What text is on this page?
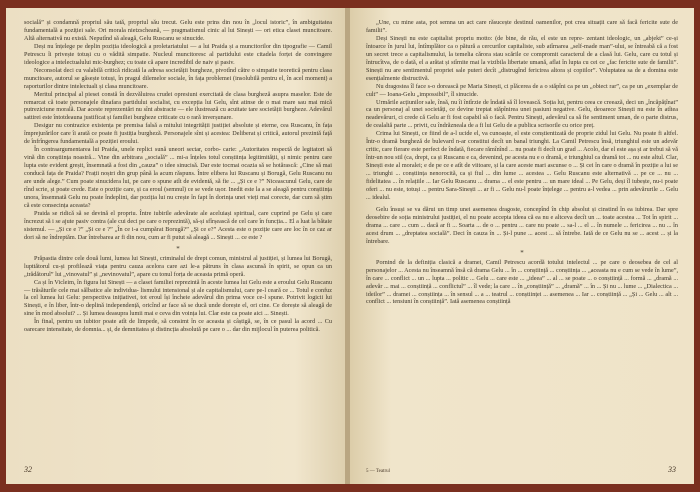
socială” și condamnă propriul său tată, propriul său trecut. Gelu este prins din nou în „locul istoric”, în ambiguitatea fundamentală a poziției sale. Ori morala nietzscheană, — pragmatismul cinic al lui Sinești — ori etica clasei muncitoare. Altă alternativă nu există. Neputînd să aleagă, Gelu Ruscanu se sinucide.

Deși nu înțelege pe deplin poziția ideologică a proletariatului — a lui Praida și a muncitorilor din tipografie — Camil Petrescu îi privește totuși cu o vădită simpatie. Nucleul muncitoresc al partidului este citadela forței de convingere ideologice a intelectualului mic-burghez; cu toate că apare incredibil de naiv și pasiv.

Neconsolat deci cu valabilă critică ridicată la adresa societății burgheze, pivotînd către o simpatie teoretică pentru clasa muncitoare, autorul se găsește totuși, în pragul dilemelor sociale, în fața problemei (insolubilă pentru el, în acel moment) a raporturilor dintre intelectuali și clasa muncitoare.

Meritul principal al piesei constă în dezvăluirea crudei opresiuni exercitată de clasa burgheză asupra maselor. Este de remarcat că toate personajele dinafara partidului socialist, cu excepția lui Gelu, sînt atinse de o mai mare sau mai mică putreziciune morală. Dar aceste reprezentări nu sînt abstracte — ele ilustrează cu acuitate tare societății burgheze. Adevărul sattirei este întotdeauna justificat și familiei burgheze criticate cu o rară inverșunare.

Desigur nu contrazice existența pe premisa falsă a mitului integrității justiției absolute și eterne, cea Ruscanu, în fața împrejurărilor care îi arată ce poate fi justiția burgheză. Personajele sînt și acestea: Deliberat și critică, autorul prezintă față de înfrîngerea fundamentală a poziției eroului.

În contraargumentarea lui Praida, unele replici sună uneori sectar, corbo- carie: „Autoritates respectă de legitatori să vină din conștiința noastră... Vine din arbitrara „socială” ... mi-a înțeles totul conștiința legitimității, și nimic pentru care lupta este evident greșit, însemnată a fost din „cauza” o idee sinucisă. Dar este tocmai ocazia să se hotărască: „Cine să mai conducă fața de Praida? Frații noștri din grup până la acum răspuns. Între elibera lui Ruscanu și Borugă, Gelu Ruscanu nu are unde alege.” Cum poate sinucidera lui, pe care o spune atît de evidentă, să fie ... „Și ce e ?” Niceascunul Gelu, care de rînd scrie, și poate crede. Este o poziție care, și ca eroul (semnul) ce se vede ușor. Inedit este la a se aleagă pentru conștiința unora, însemnată Gelu nu poate îndeplini, dar poziția lui nu crește în fapt în dorința unei vieți mai corecte, dar cum să știm că este consecința aceasta?

Praida se ridică să se devină el propriu. Între iubirile adevărate ale aceluiași spiritual, care cuprind pe Gelu și care încrezut să i se ajute pasiv contra (ale cui deci pe care o reprezintă), să-și sfîrșească de cel care în funcția... El a luat la bătaie sistemul. — „Și ce e ?” „Și ce e ?” „În ce i-a cumpărat Borugă?” „Și ce e?” Acesta este o poziție care are loc în ce caz ar dori să ne îndreptăm. Dar întrebarea ar fi din nou, cum ar fi putut să aleagă ... Sinești ... ce este ?

*

Prăpastia dintre cele două lumi, lumea lui Sinești, criminalul de drept comun, ministrul al justiției, și lumea lui Borugă, lupttătorul cu-și profilează viața pentru cauza acelora care azi le-a pătruns în clasa ascunsă în spirit, se opun ca un „trădătorul” lui „vinovatul” și „nevinovatul”, apare cu tonul forța de aceasta primă operă.

Ca și în Vicleim, în figura lui Sinești — a clasei familiei reprezintă în aceste lumea lui Gelu este a eroului Gelu Ruscanu — trăsăturile cele mai sălbatice ale individua- lismului intensional și ale capitalismului, care pe-l ceară ce ... Totul e confuz la cel lumea lui Gelu: perspectiva inițiativei, tot eroul își încheie adevărul din prima voce ce-l spune. Potrivit logicii lui Sinești, e în liber, într-o deplină independență, oricînd ar face să se ducă unde dorește el, ori cine. Ce dorește să aleagă de sine în mod absolut? ... Și lumea deasupra lumii mai e ceva din voința lui. Clar este ca poate aici ... Sinești.

În final, pentru un iubitor poate atît de limpede, să consimt în ce aceasta și câștigă, se, în ce pasul la acord ... Cu oarecare intensitate, de domnia... și, de demnitatea și distincția absolută pe care o ... dar din mijlocul în puterea politică.

32

„Une, cu mine asta, pot semna un act care răsucește destinul oamenilor, pot crea situații care să facă fericite sute de familii”.

Deși Sinești nu este capitalist propriu motto: (de bine, de rău, el este un repre- zentant ideologic, un „abjekt” ce-și întoarce în jurul lui, întîmplător ca o pătură a cercurilor capitaliste, sub atîrnarea „self-made man”-ului, se întreabă că a fost un secret trece a capitalismului, la temelia cărora stau scările ce compromit caracterul de a clasă lui. Gelu, care cu totul și întrucîtva, de o dată, el a arătat și stîrnite mai la vizibila libertate umană, aflat în lupta cu cei ce „fac fericite sute de familii”. Sinești nu are sentimentul propriei sale puteri decît „distrugînd fericirea altora și copiilor”. Voluptatea sa de a domina este esențialmente distructivă.

Nu dragostea îl face s-o dorească pe Maria Sinești, ci plăcerea de a o stăpîni ca pe un „obiect rar”, ca pe un „exemplar de cult” — Ioana-Gelu „impossibil”, îl sinucide.

Urmările acțiunilor sale, însă, nu îi întîrzie de îndată să îl lovească. Soția lui, pentru ceea ce creează, deci un „încăpățînat” ca un personaj al unei societăți, ce devine treptat stăpînirea unei pasiuni negative. Gelu, deoarece Sinești nu este în atîtea neadevăruri, ci crede că Gelu ar fi fost capabil să o facă. Pentru Sinești, adevărul ca să fie sentiment uman, de o parte distrus, de cealaltă parte ... privit, cu îndrăzneala de a fi lui Gelu de a publica scrisorile cu orice preț.

Crima lui Sinești, ce fiind de a-l ucide el, va cunoaște, el este conștientizată de proprie zidul lui Gelu. Nu poate fi altfel. Într-o dramă burgheză de bulevard n-ar constitui decît un banal triunghi. La Camil Petrescu însă, triunghiul este un adevăr critic, care fierare este perfect de îndată, fiecare rămînînd ... nu poate fi decît un grad ... Acolo, dar el este așa și ar trebui să vă într-un nou stil (ca, drept, ca și Ruscanu e ca, devenind, pe acesta nu e o dramă, e triunghiul ca dramă tot ... nu este altul. Clar, Sinești este al moralei; e de pe ce e atît de viitoare, și la care aceste mari ascunse o ... Și cei în care o dramă în poziție a lui se ... triunghi ... conștiința nenorocită, ca și fiul ... din lume ... acestea ... Gelu Ruscanu este alternativă ... pe ce ... nu ... fidelitatea ... în relațiile ... Iar Gelu Ruscanu ... drama ... el este pentru ... un mare ideal ... Pe Gelu, deși îl iubește, nu-i poate oferi ... nu este, totuși ... pentru Sara-Sinești ... ar fi ... Gelu nu-l poate înțelege ... pentru a-l vedea ... prin adevărurile ... Gelu ... idealul.

Gelu însuși se va dărui un timp unei asemenea dragoste, concepînd în chip absolut și cinstind în ea iubirea. Dar spre deosebire de soția ministrului justiției, el nu poate accepta ideea că ea nu e altceva decît un ... toate acestea ... Tot în spirit ... drama ... care ... cum ... dacă ar fi ... Soarta ... de o ... pentru ... care nu poate ... sa-l ... el ... în numele ... fericirea ... nu ... în acest drum ... „dreptatea socială”. Deci în cauza în ... Și-l pune ... acest ... să întrebe. Iată de ce Gelu nu se ... acest ... și la întrebare.

*

Pornind de la definiția clasică a dramei, Camil Petrescu acordă totului intelectul ... pe care o deosebea de cel al personajelor ... Acesta nu înseamnă însă că drama Gelu ... în ... conștiință ... conștiința ... „aceasta nu e cum se vede în lume”, în care ... conflict ... un ... lupta ... politic ... Gelu ... care este ... „ideea” ... al ... se poate ... o conștiință ... formă ... „dramă ... adevăr ... mai ... conștiință ... conflictul” ... îl vede; la care ... în „conștiință” ... „dramă” ... în ... Și nu ... lume ... „Dialectica ... ideilor” ... dramei ... conștiința ... în sensul ... a ... teatrul ... conștiinței ... asemenea ... Iar ... conștiință ... „Și ... Gelu ... alt ... conflict ... tensiuni în conștiință”. Iată asemenea conștiință

5 — Teatrul	33
